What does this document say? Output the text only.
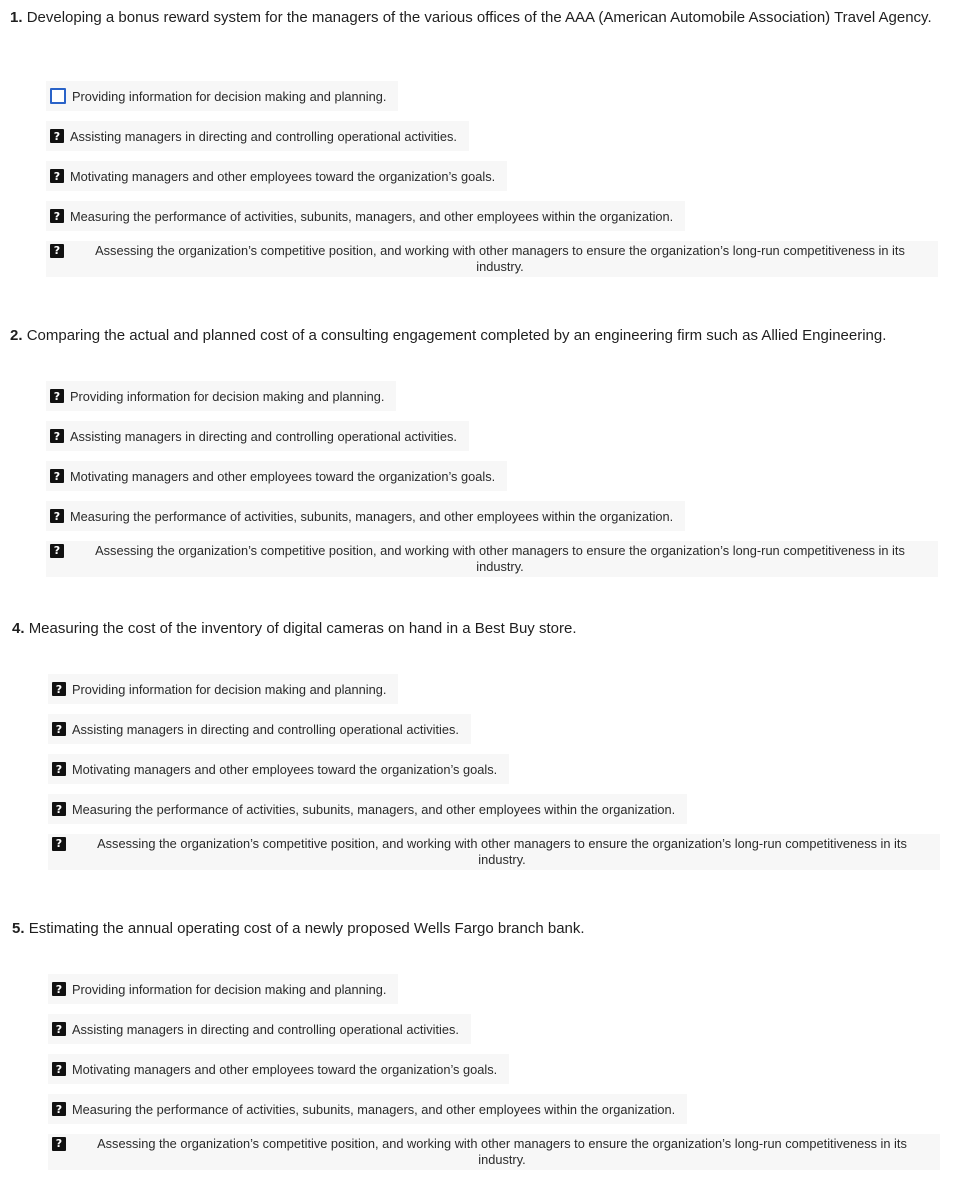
1. Developing a bonus reward system for the managers of the various offices of the AAA (American Automobile Association) Travel Agency.

Providing information for decision making and planning.
? Assisting managers in directing and controlling operational activities.
? Motivating managers and other employees toward the organization’s goals.
? Measuring the performance of activities, subunits, managers, and other employees within the organization.
?	Assessing the organization’s competitive position, and working with other managers to ensure the organization’s long-run competitiveness in its industry.

2. Comparing the actual and planned cost of a consulting engagement completed by an engineering firm such as Allied Engineering.

? Providing information for decision making and planning.
? Assisting managers in directing and controlling operational activities.
? Motivating managers and other employees toward the organization’s goals.
? Measuring the performance of activities, subunits, managers, and other employees within the organization.
?	Assessing the organization’s competitive position, and working with other managers to ensure the organization’s long-run competitiveness in its industry.

4. Measuring the cost of the inventory of digital cameras on hand in a Best Buy store.

? Providing information for decision making and planning.
? Assisting managers in directing and controlling operational activities.
? Motivating managers and other employees toward the organization’s goals.
? Measuring the performance of activities, subunits, managers, and other employees within the organization.
?	Assessing the organization’s competitive position, and working with other managers to ensure the organization’s long-run competitiveness in its industry.

5. Estimating the annual operating cost of a newly proposed Wells Fargo branch bank.

? Providing information for decision making and planning.
? Assisting managers in directing and controlling operational activities.
? Motivating managers and other employees toward the organization’s goals.
? Measuring the performance of activities, subunits, managers, and other employees within the organization.
?	Assessing the organization’s competitive position, and working with other managers to ensure the organization’s long-run competitiveness in its industry.
